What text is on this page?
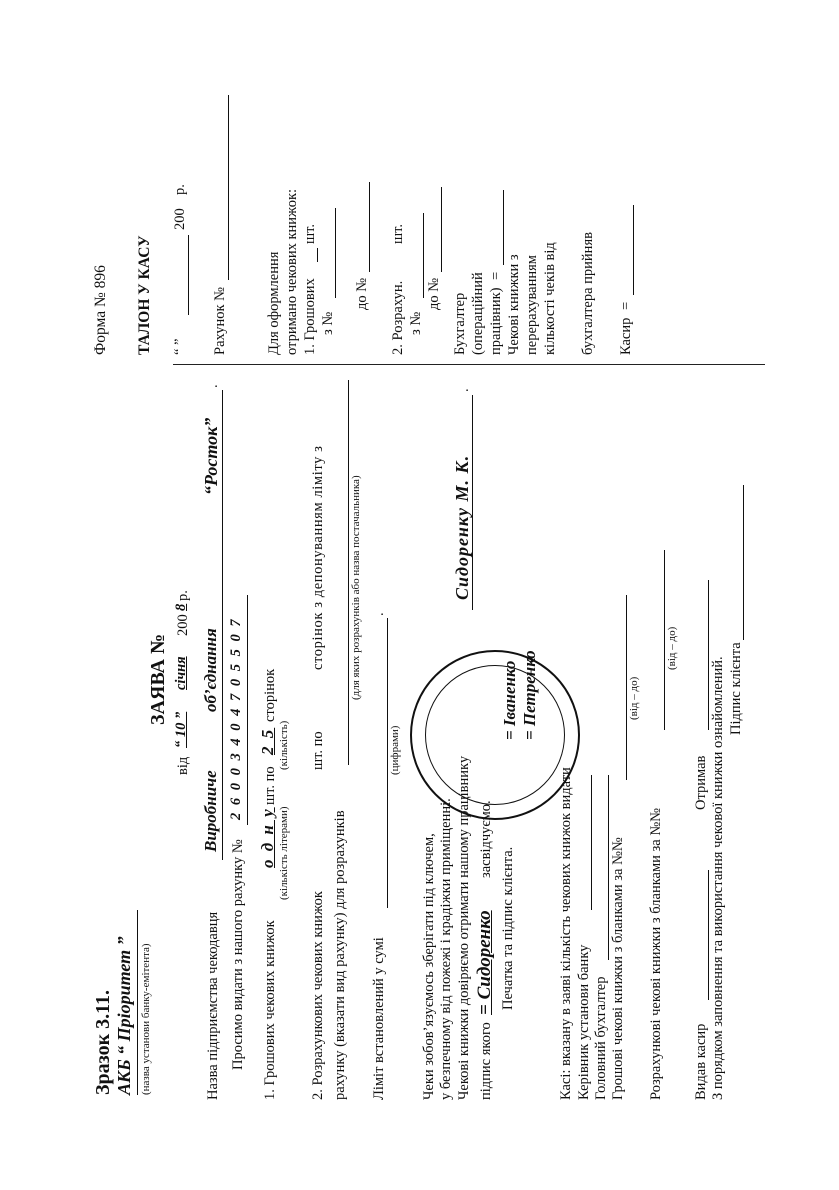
Зразок 3.11. АКБ “ Пріоритет ” (назва установи банку-емітента)
ЗАЯВА №
від
“ 10 ”
січня
200
8
р.
Назва підприємства чекодавця
Виробниче
об’єднання
“Росток”
.
Просимо видати з нашого рахунку №
2 6 0 0 3 4 0 4 7 0 5 5 0 7
1. Грошових чекових книжок
о д н у
шт. по
2 5
сторінок
(кількість літерами)
(кількість)
2. Розрахункових чекових книжок
шт. по
сторінок з депонуванням ліміту з
рахунку (вказати вид рахунку) для розрахунків
(для яких розрахунків або назва постачальника)
Ліміт встановлений у сумі
.
(цифрами)
Чеки зобов’язуємось зберігати під ключем, у безпечному від пожежі і крадіжки приміщенні. Чекові книжки довіряємо отримати нашому працівнику
Сидоренку М. К.
.
підпис якого
= Сидоренко
засвідчуємо.
Печатка та підпис клієнта.
= Іваненко = Петренко
Касі: вказану в заяві кількість чекових книжок видати Керівник установи банку Головний бухгалтер Грошові чекові книжки з бланками за №№
(від – до)
Розрахункові чекові книжки з бланками за №№
(від – до)
Видав касир
Отримав З порядком заповнення та використання чекової книжки ознайомлений. Підпис клієнта
Форма № 896 ТАЛОН У КАСУ “ ”
200
р.
Рахунок №	Для оформлення отримано чекових книжок: 1. Грошових
шт.
з №
до № 2. Розрахун.
шт.
з №
до № Бухгалтер (операційний працівник)
= Чекові книжки з перерахуванням кількості чеків від бухгалтера прийняв Касир
=
